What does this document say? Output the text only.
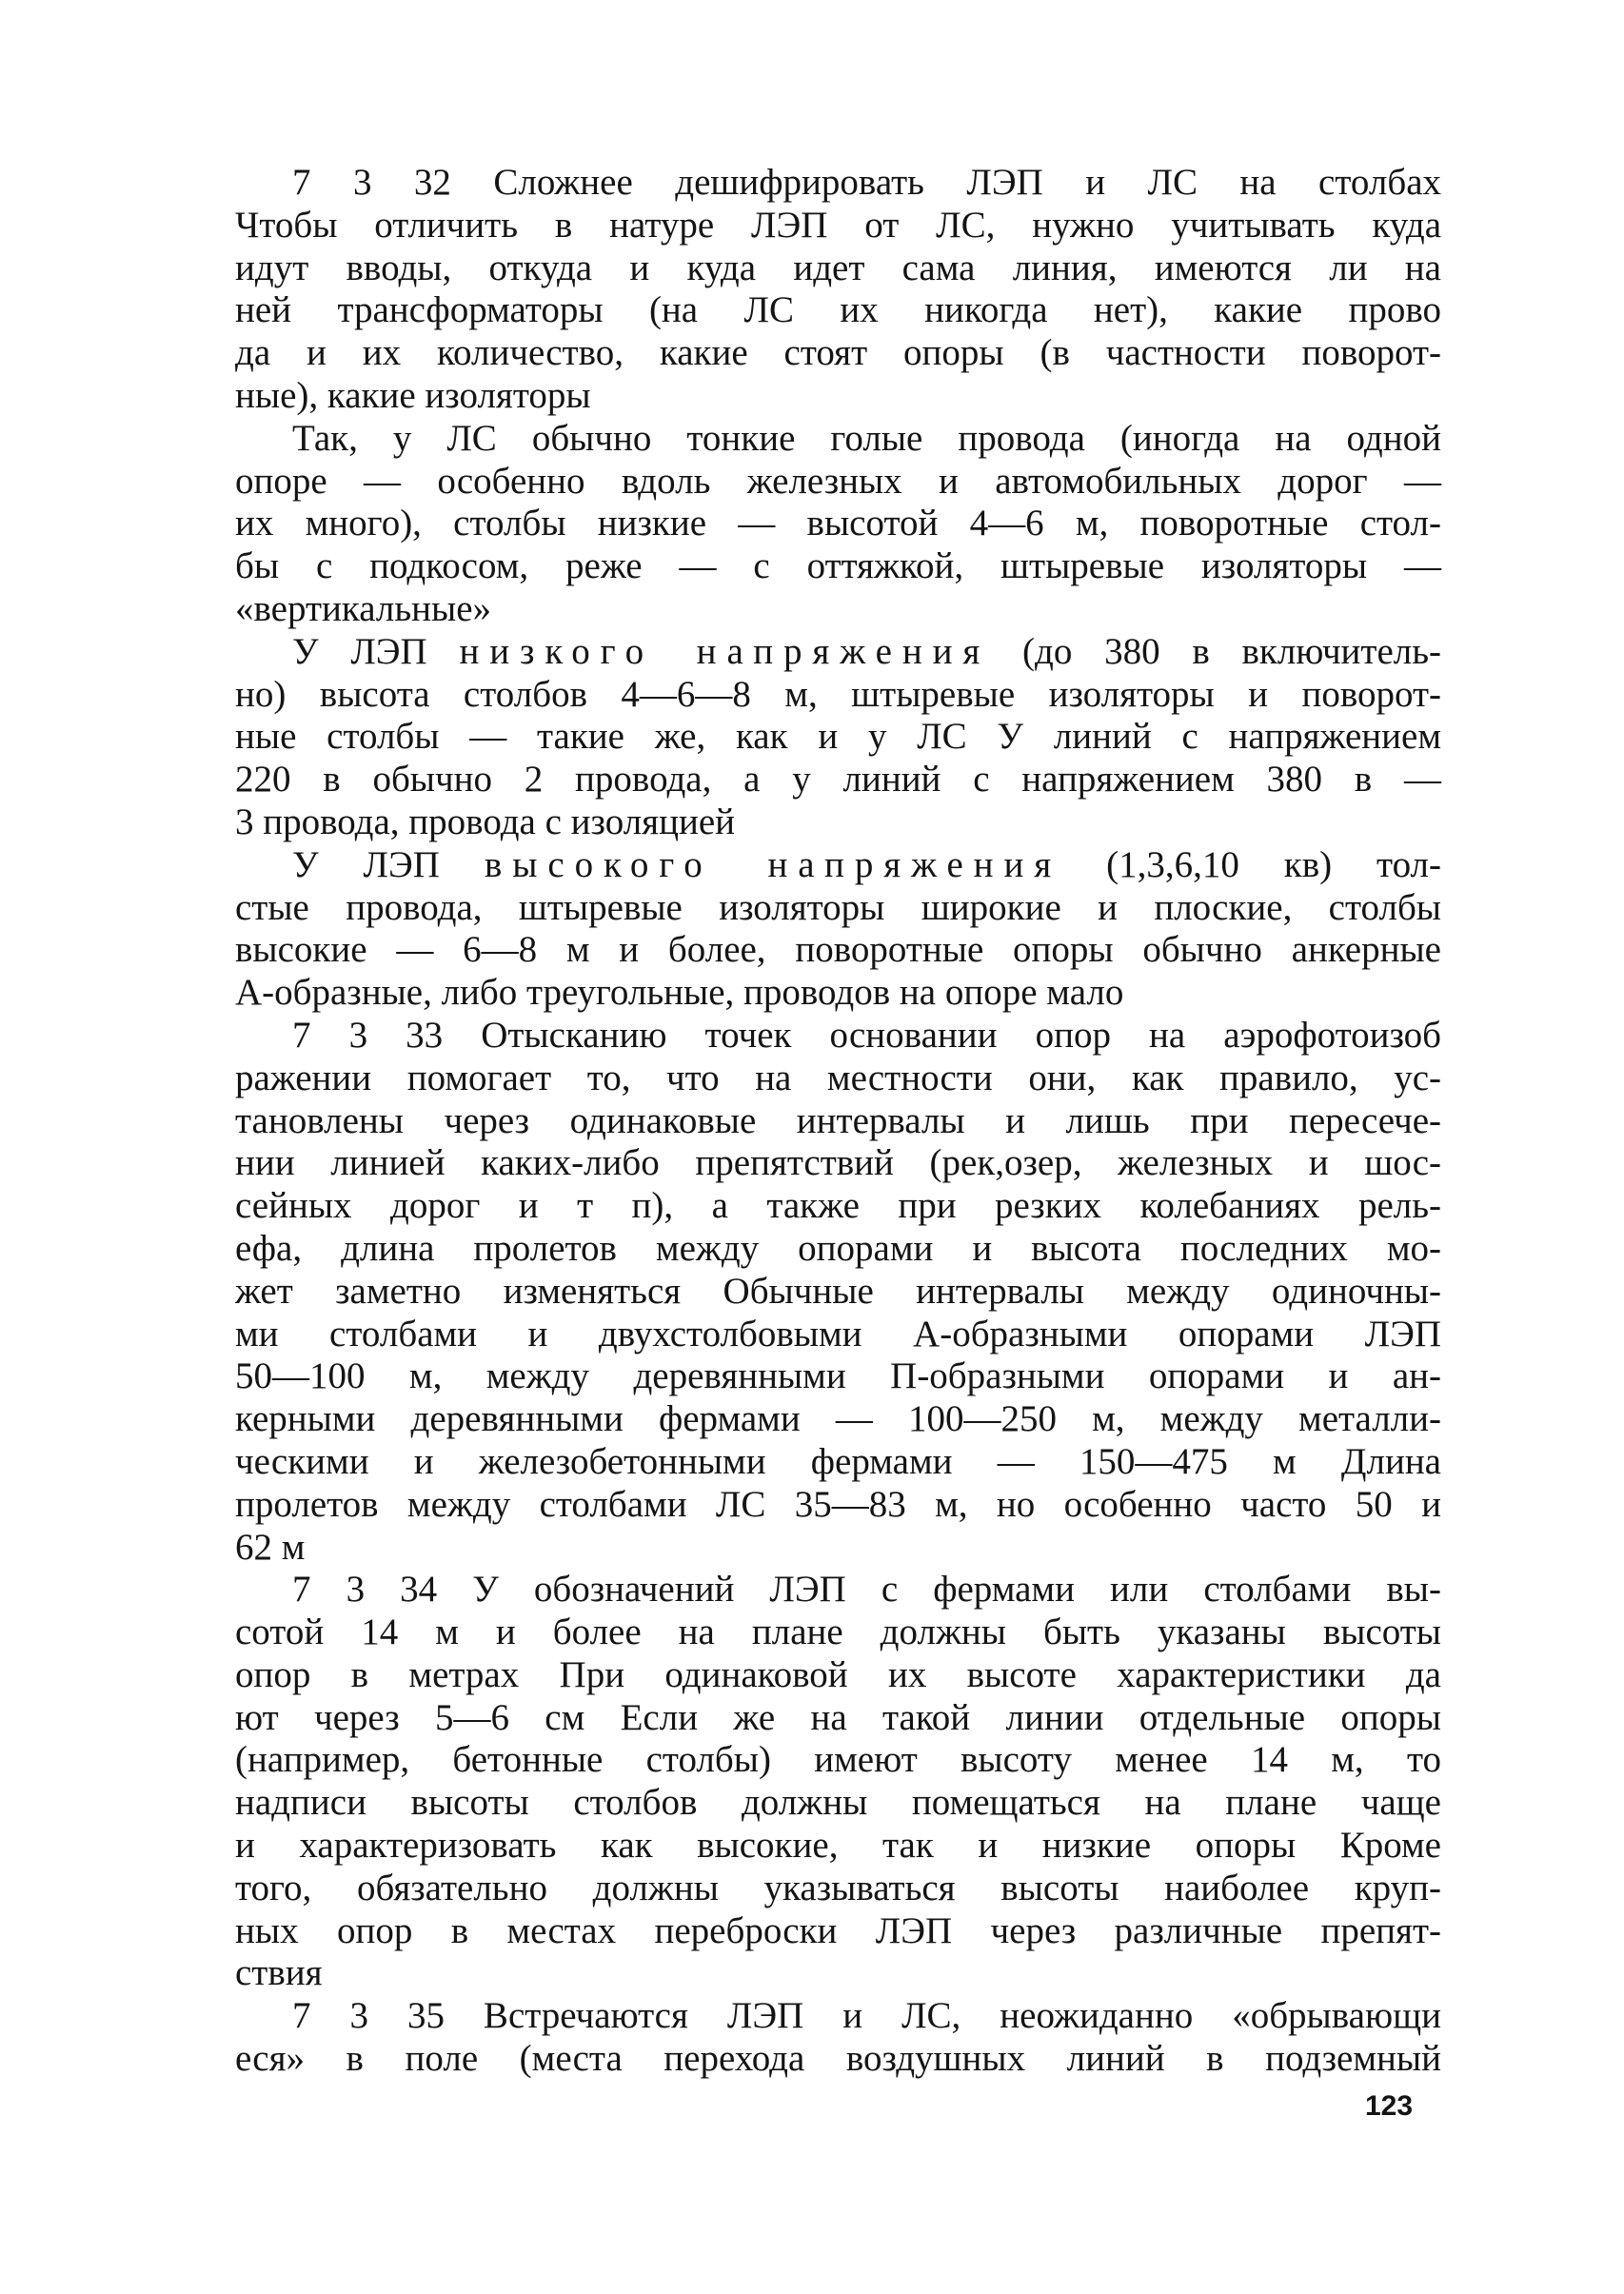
7 3 32 Сложнее дешифрировать ЛЭП и ЛС на столбах
Чтобы отличить в натуре ЛЭП от ЛС, нужно учитывать куда
идут вводы, откуда и куда идет сама линия, имеются ли на
ней трансформаторы (на ЛС их никогда нет), какие прово
да и их количество, какие стоят опоры (в частности поворот-
ные), какие изоляторы
Так, у ЛС обычно тонкие голые провода (иногда на одной
опоре — особенно вдоль железных и автомобильных дорог —
их много), столбы низкие — высотой 4—6 м, поворотные стол-
бы с подкосом, реже — с оттяжкой, штыревые изоляторы —
«вертикальные»
У ЛЭП низкого напряжения (до 380 в включитель-
но) высота столбов 4—6—8 м, штыревые изоляторы и поворот-
ные столбы — такие же, как и у ЛС У линий с напряжением
220 в обычно 2 провода, а у линий с напряжением 380 в —
3 провода, провода с изоляцией
У ЛЭП высокого напряжения (1,3,6,10 кв) тол-
стые провода, штыревые изоляторы широкие и плоские, столбы
высокие — 6—8 м и более, поворотные опоры обычно анкерные
А-образные, либо треугольные, проводов на опоре мало
7 3 33 Отысканию точек основании опор на аэрофотоизоб
ражении помогает то, что на местности они, как правило, ус-
тановлены через одинаковые интервалы и лишь при пересече-
нии линией каких-либо препятствий (рек,озер, железных и шос-
сейных дорог и т п), а также при резких колебаниях рель-
ефа, длина пролетов между опорами и высота последних мо-
жет заметно изменяться Обычные интервалы между одиночны-
ми столбами и двухстолбовыми А-образными опорами ЛЭП
50—100 м, между деревянными П-образными опорами и ан-
керными деревянными фермами — 100—250 м, между металли-
ческими и железобетонными фермами — 150—475 м Длина
пролетов между столбами ЛС 35—83 м, но особенно часто 50 и
62 м
7 3 34 У обозначений ЛЭП с фермами или столбами вы-
сотой 14 м и более на плане должны быть указаны высоты
опор в метрах При одинаковой их высоте характеристики да
ют через 5—6 см Если же на такой линии отдельные опоры
(например, бетонные столбы) имеют высоту менее 14 м, то
надписи высоты столбов должны помещаться на плане чаще
и характеризовать как высокие, так и низкие опоры Кроме
того, обязательно должны указываться высоты наиболее круп-
ных опор в местах переброски ЛЭП через различные препят-
ствия
7 3 35 Встречаются ЛЭП и ЛС, неожиданно «обрывающи
еся» в поле (места перехода воздушных линий в подземный
123
